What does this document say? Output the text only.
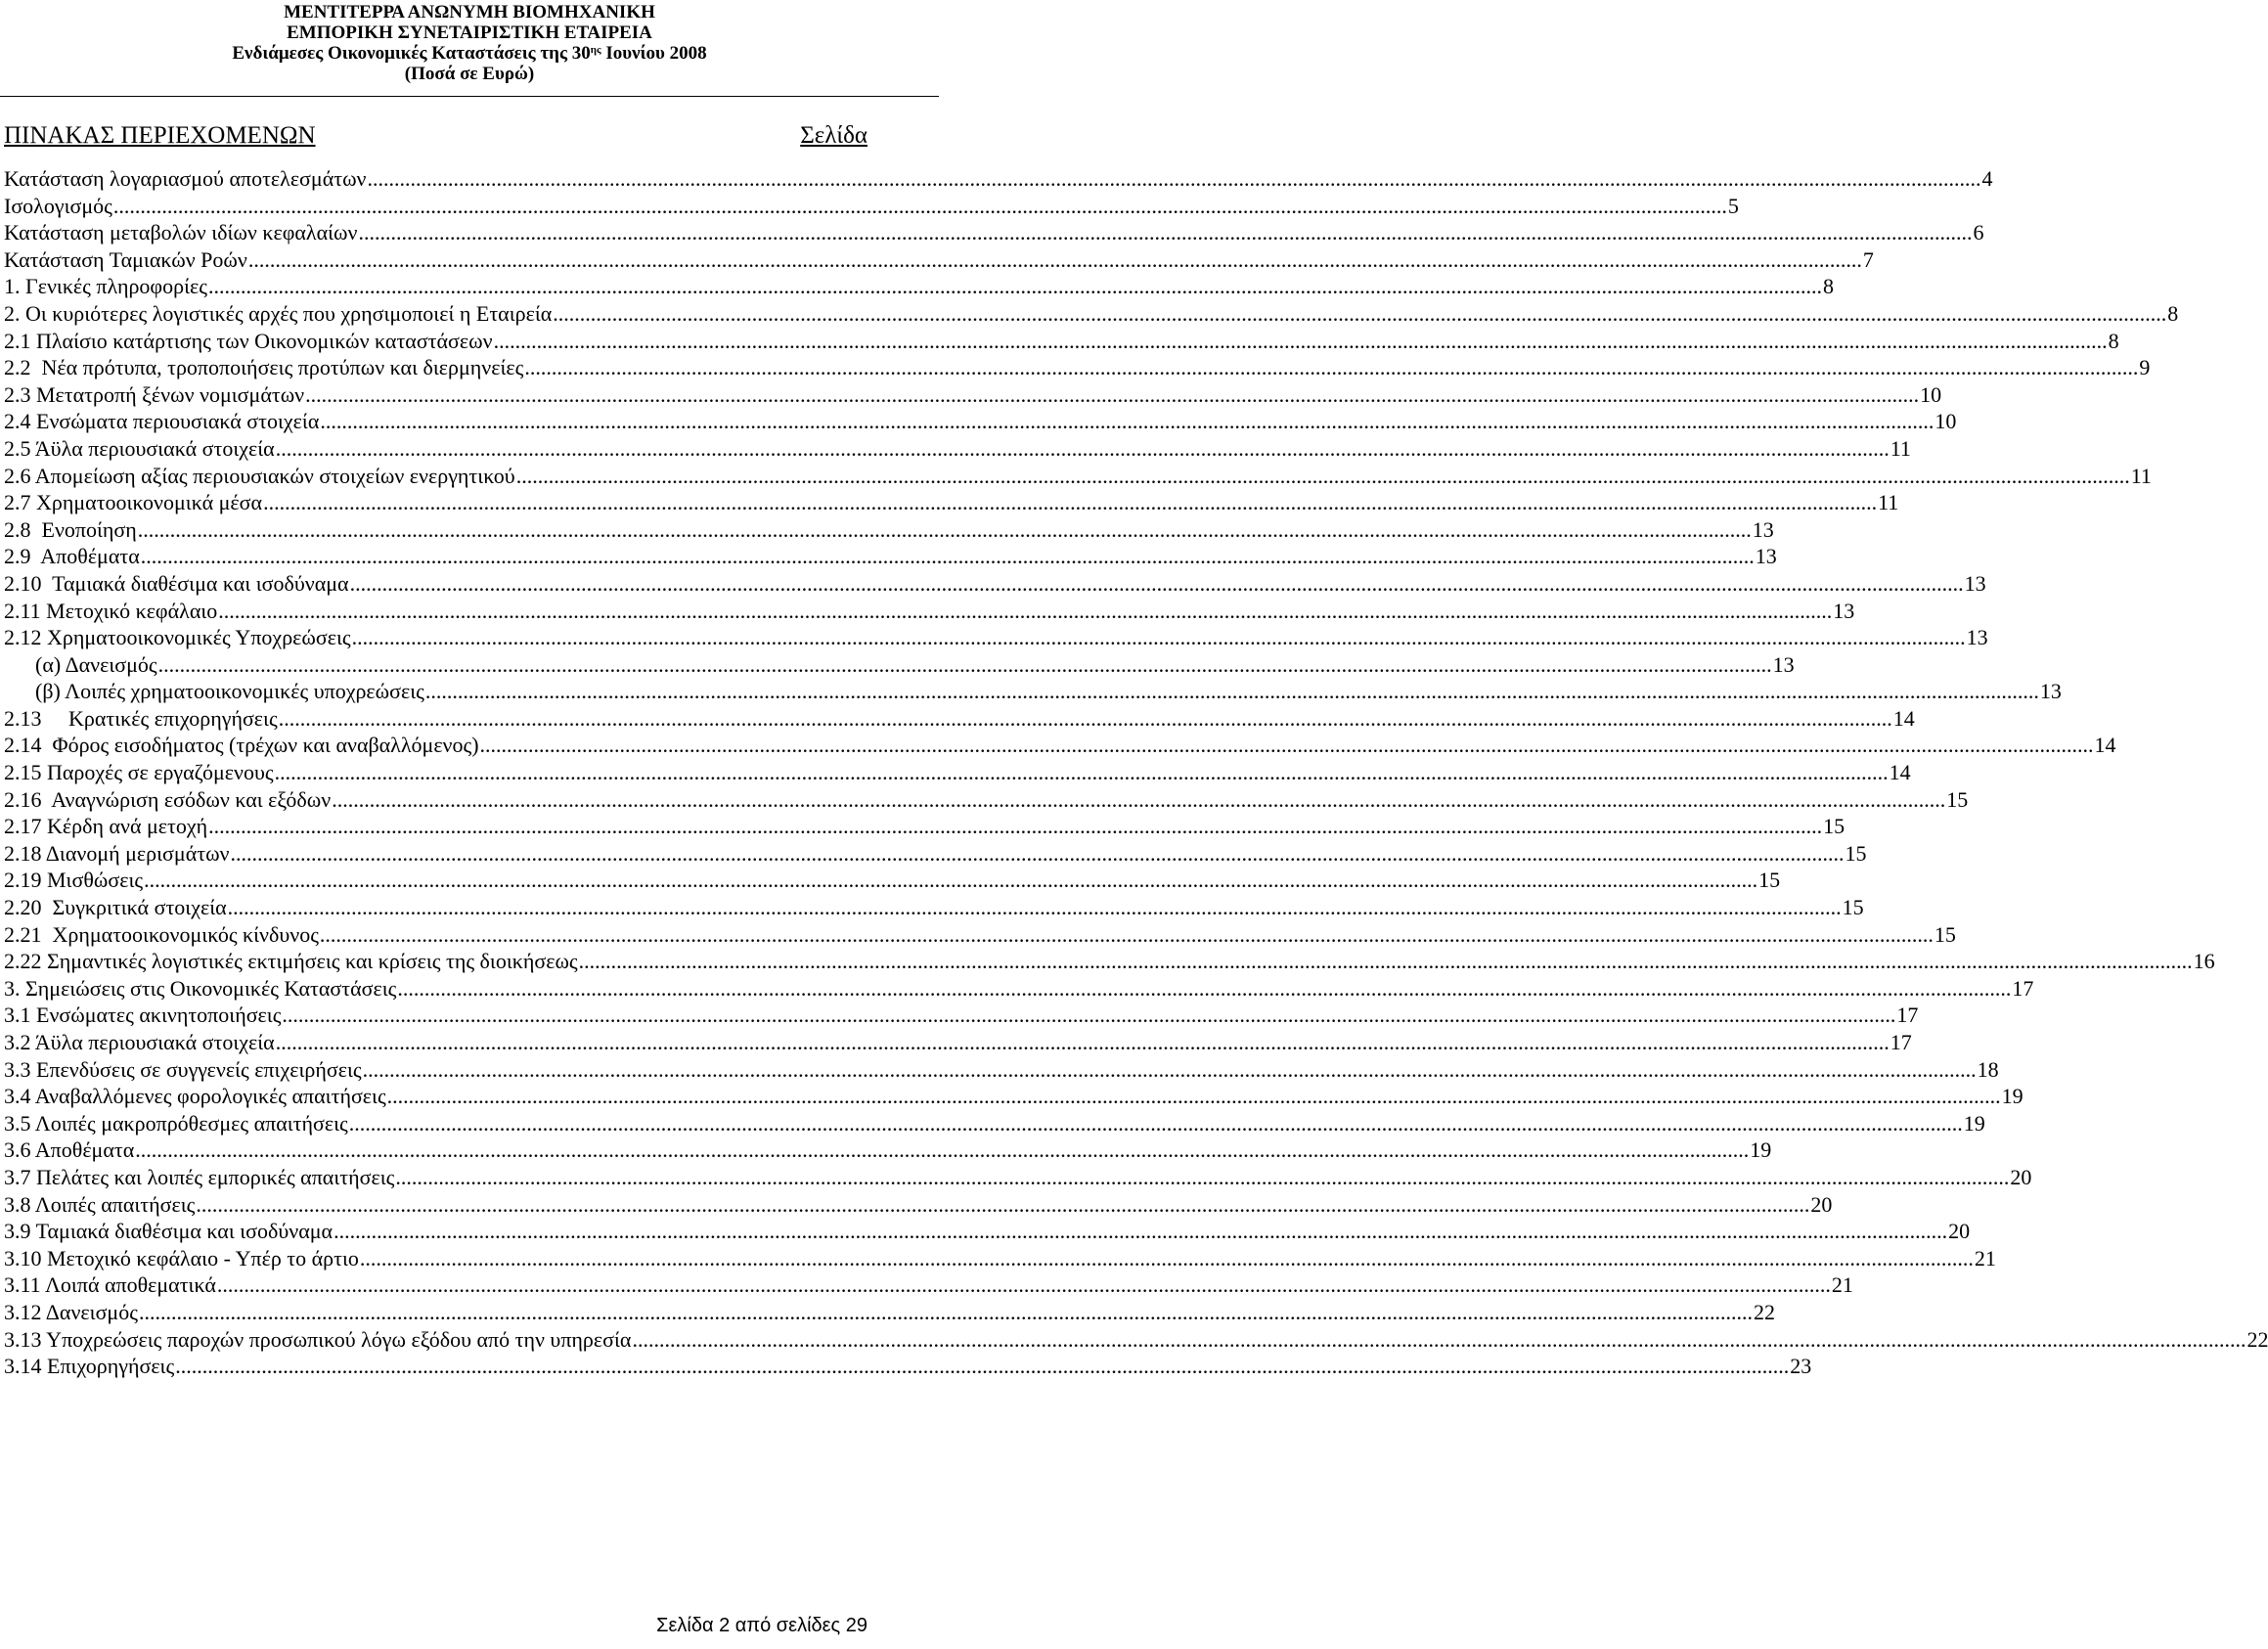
ΜΕΝΤΙΤΕΡΡΑ ΑΝΩΝΥΜΗ ΒΙΟΜΗΧΑΝΙΚΗ
ΕΜΠΟΡΙΚΗ ΣΥΝΕΤΑΙΡΙΣΤΙΚΗ ΕΤΑΙΡΕΙΑ
Ενδιάμεσες Οικονομικές Καταστάσεις της $30^{\eta\varsigma}$ Ιουνίου 2008
(Ποσά σε Ευρώ)
ΠΙΝΑΚΑΣ ΠΕΡΙΕΧΟΜΕΝΩΝ	Σελίδα
Κατάσταση λογαριασμού αποτελεσμάτων ............................................................................................................................................................................................................................................................................................................ 4
Ισολογισμός ............................................................................................................................................................................................................................................................................................................ 5
Κατάσταση μεταβολών ιδίων κεφαλαίων ............................................................................................................................................................................................................................................................................................................ 6
Κατάσταση Ταμιακών Ροών ............................................................................................................................................................................................................................................................................................................ 7
1. Γενικές πληροφορίες ............................................................................................................................................................................................................................................................................................................ 8
2. Οι κυριότερες λογιστικές αρχές που χρησιμοποιεί η Εταιρεία ............................................................................................................................................................................................................................................................................................................ 8
2.1 Πλαίσιο κατάρτισης των Οικονομικών καταστάσεων ............................................................................................................................................................................................................................................................................................................ 8
2.2  Νέα πρότυπα, τροποποιήσεις προτύπων και διερμηνείες ............................................................................................................................................................................................................................................................................................................ 9
2.3 Μετατροπή ξένων νομισμάτων ............................................................................................................................................................................................................................................................................................................ 10
2.4 Ενσώματα περιουσιακά στοιχεία ............................................................................................................................................................................................................................................................................................................ 10
2.5 Άϋλα περιουσιακά στοιχεία ............................................................................................................................................................................................................................................................................................................ 11
2.6 Απομείωση αξίας περιουσιακών στοιχείων ενεργητικού ............................................................................................................................................................................................................................................................................................................ 11
2.7 Χρηματοοικονομικά μέσα ............................................................................................................................................................................................................................................................................................................ 11
2.8  Ενοποίηση ............................................................................................................................................................................................................................................................................................................ 13
2.9  Αποθέματα ............................................................................................................................................................................................................................................................................................................ 13
2.10  Ταμιακά διαθέσιμα και ισοδύναμα ............................................................................................................................................................................................................................................................................................................ 13
2.11 Μετοχικό κεφάλαιο ............................................................................................................................................................................................................................................................................................................ 13
2.12 Χρηματοοικονομικές Υποχρεώσεις ............................................................................................................................................................................................................................................................................................................ 13
(α) Δανεισμός ............................................................................................................................................................................................................................................................................................................ 13
(β) Λοιπές χρηματοοικονομικές υποχρεώσεις ............................................................................................................................................................................................................................................................................................................ 13
2.13     Κρατικές επιχορηγήσεις ............................................................................................................................................................................................................................................................................................................ 14
2.14  Φόρος εισοδήματος (τρέχων και αναβαλλόμενος) ............................................................................................................................................................................................................................................................................................................ 14
2.15 Παροχές σε εργαζόμενους ............................................................................................................................................................................................................................................................................................................ 14
2.16  Αναγνώριση εσόδων και εξόδων ............................................................................................................................................................................................................................................................................................................ 15
2.17 Κέρδη ανά μετοχή ............................................................................................................................................................................................................................................................................................................ 15
2.18 Διανομή μερισμάτων ............................................................................................................................................................................................................................................................................................................ 15
2.19 Μισθώσεις ............................................................................................................................................................................................................................................................................................................ 15
2.20  Συγκριτικά στοιχεία ............................................................................................................................................................................................................................................................................................................ 15
2.21  Χρηματοοικονομικός κίνδυνος ............................................................................................................................................................................................................................................................................................................ 15
2.22 Σημαντικές λογιστικές εκτιμήσεις και κρίσεις της διοικήσεως ............................................................................................................................................................................................................................................................................................................ 16
3. Σημειώσεις στις Οικονομικές Καταστάσεις ............................................................................................................................................................................................................................................................................................................ 17
3.1 Ενσώματες ακινητοποιήσεις ............................................................................................................................................................................................................................................................................................................ 17
3.2 Άϋλα περιουσιακά στοιχεία ............................................................................................................................................................................................................................................................................................................ 17
3.3 Επενδύσεις σε συγγενείς επιχειρήσεις ............................................................................................................................................................................................................................................................................................................ 18
3.4 Αναβαλλόμενες φορολογικές απαιτήσεις ............................................................................................................................................................................................................................................................................................................ 19
3.5 Λοιπές μακροπρόθεσμες απαιτήσεις ............................................................................................................................................................................................................................................................................................................ 19
3.6 Αποθέματα ............................................................................................................................................................................................................................................................................................................ 19
3.7 Πελάτες και λοιπές εμπορικές απαιτήσεις ............................................................................................................................................................................................................................................................................................................ 20
3.8 Λοιπές απαιτήσεις ............................................................................................................................................................................................................................................................................................................ 20
3.9 Ταμιακά διαθέσιμα και ισοδύναμα ............................................................................................................................................................................................................................................................................................................ 20
3.10 Μετοχικό κεφάλαιο - Υπέρ το άρτιο ............................................................................................................................................................................................................................................................................................................ 21
3.11 Λοιπά αποθεματικά ............................................................................................................................................................................................................................................................................................................ 21
3.12 Δανεισμός ............................................................................................................................................................................................................................................................................................................ 22
3.13 Υποχρεώσεις παροχών προσωπικού λόγω εξόδου από την υπηρεσία ............................................................................................................................................................................................................................................................................................................ 22
3.14 Επιχορηγήσεις ............................................................................................................................................................................................................................................................................................................ 23
Σελίδα 2 από σελίδες 29
